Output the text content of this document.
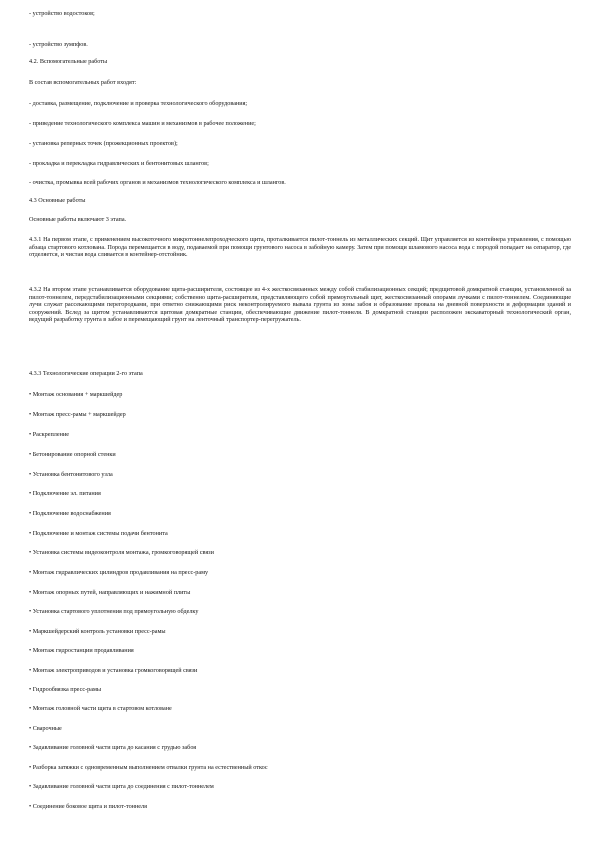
- устройство водостоков;
- устройство зумпфов.
4.2. Вспомогательные работы
В состав вспомогательных работ входят:
- доставка, размещение, подключение и проверка технологического оборудования;
- приведение технологического комплекса машин и механизмов в рабочее положение;
- установка реперных точек (прожекционных проектов);
- прокладка и перекладка гидравлических и бентонитовых шлангов;
- очистка, промывка всей рабочих органов и механизмов технологического комплекса и шлангов.
4.3 Основные работы
Основные работы включают 3 этапа.
4.3.1 На первом этапе, с применением высокоточного микротоннелепроходческого щита, проталкивается пилот-тоннель из металлических секций. Щит управляется из контейнера управления, с помощью абзаца стартового котлована. Порода перемещается в воду, подаваемой при помощи грунтового насоса в забойную камеру. Затем при помощи шламового насоса вода с породой попадает на сепаратор, где отделяется, и чистая вода сливается в контейнер-отстойник.
4.3.2 На втором этапе устанавливается оборудование щита-расширителя, состоящее из 4-х жесткосвязанных между собой стабилизационных секций; предщитовой домкратной станции, установленной за пилот-тоннелем, передстабилизационными секциями; собственно щита-расширителя, представляющего собой прямоугольный щит, жесткосвязанный опорами лучками с пилот-тоннелем. Соединяющие лучи служат рассекающими перегородками, при ответно снижающими риск неконтролируемого вывала грунта из зоны забоя и образование провала на дневной поверхности и деформации зданий и сооружений. Вслед за щитом устанавливаются щитовая домкратные станции, обеспечивающие движение пилот-тоннеля. В домкратной станции расположен экскаваторный технологический орган, ведущий разработку грунта в забое и перемещающий грунт на ленточный транспортер-перегружатель.
4.3.3 Технологические операции 2-го этапа
• Монтаж основания + маркшейдер
• Монтаж пресс-рамы + маркшейдер
• Раскрепление
• Бетонирование опорной стенки
• Установка бентонитового узла
• Подключение эл. питания
• Подключение водоснабжения
• Подключение и монтаж системы подачи бентонита
• Установка системы видеоконтроля монтажа, громкоговорящей связи
• Монтаж гидравлических цилиндров продавливания на пресс-раму
• Монтаж опорных путей, направляющих и нажимной плиты
• Установка стартового уплотнения под прямоугольную обделку
• Маркшейдерский контроль установки пресс-рамы
• Монтаж гидростанции продавливания
• Монтаж электроприводов и установка громкоговорящей связи
• Гидрообвязка пресс-рамы
• Монтаж головной части щита в стартовом котловане
• Сварочные
• Задавливание головной части щита до касания с грудью забоя
• Разборка затяжки с одновременным выполнением отвалки грунта на естественный откос
• Задавливание головной части щита до соединения с пилот-тоннелем
• Соединение боковое щита и пилот-тоннеля
